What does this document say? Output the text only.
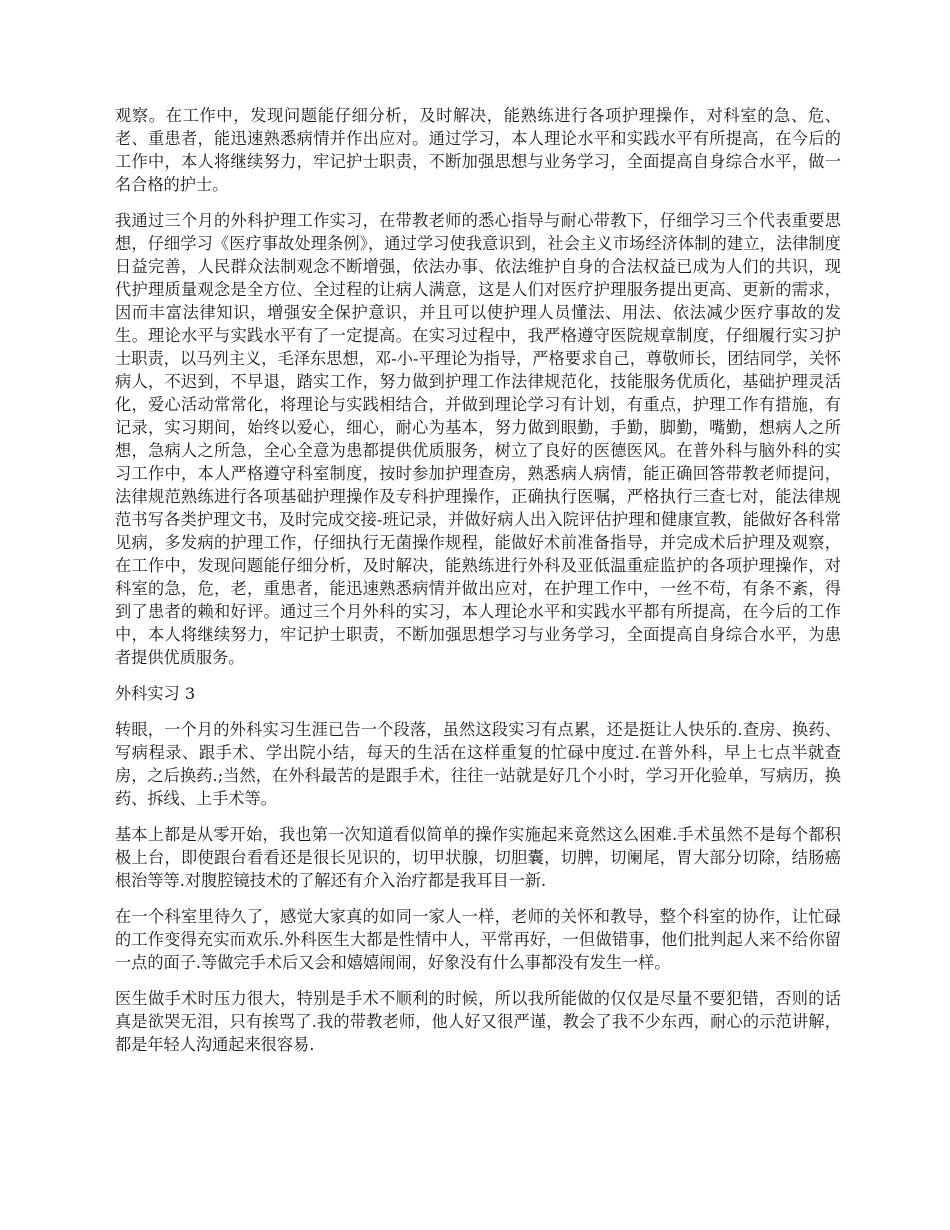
观察。在工作中，发现问题能仔细分析，及时解决，能熟练进行各项护理操作，对科室的急、危、老、重患者，能迅速熟悉病情并作出应对。通过学习，本人理论水平和实践水平有所提高，在今后的工作中，本人将继续努力，牢记护士职责，不断加强思想与业务学习，全面提高自身综合水平，做一名合格的护士。

我通过三个月的外科护理工作实习，在带教老师的悉心指导与耐心带教下，仔细学习三个代表重要思想，仔细学习《医疗事故处理条例》，通过学习使我意识到，社会主义市场经济体制的建立，法律制度日益完善，人民群众法制观念不断增强，依法办事、依法维护自身的合法权益已成为人们的共识，现代护理质量观念是全方位、全过程的让病人满意，这是人们对医疗护理服务提出更高、更新的需求，因而丰富法律知识，增强安全保护意识，并且可以使护理人员懂法、用法、依法减少医疗事故的发生。理论水平与实践水平有了一定提高。在实习过程中，我严格遵守医院规章制度，仔细履行实习护士职责，以马列主义，毛泽东思想，邓-小-平理论为指导，严格要求自己，尊敬师长，团结同学，关怀病人，不迟到，不早退，踏实工作，努力做到护理工作法律规范化，技能服务优质化，基础护理灵活化，爱心活动常常化，将理论与实践相结合，并做到理论学习有计划，有重点，护理工作有措施，有记录，实习期间，始终以爱心，细心，耐心为基本，努力做到眼勤，手勤，脚勤，嘴勤，想病人之所想，急病人之所急，全心全意为患都提供优质服务，树立了良好的医德医风。在普外科与脑外科的实习工作中，本人严格遵守科室制度，按时参加护理查房，熟悉病人病情，能正确回答带教老师提问，法律规范熟练进行各项基础护理操作及专科护理操作，正确执行医嘱，严格执行三查七对，能法律规范书写各类护理文书，及时完成交接-班记录，并做好病人出入院评估护理和健康宣教，能做好各科常见病，多发病的护理工作，仔细执行无菌操作规程，能做好术前准备指导，并完成术后护理及观察，在工作中，发现问题能仔细分析，及时解决，能熟练进行外科及亚低温重症监护的各项护理操作，对科室的急，危，老，重患者，能迅速熟悉病情并做出应对，在护理工作中，一丝不苟，有条不紊，得到了患者的赖和好评。通过三个月外科的实习，本人理论水平和实践水平都有所提高，在今后的工作中，本人将继续努力，牢记护士职责，不断加强思想学习与业务学习，全面提高自身综合水平，为患者提供优质服务。

外科实习 3

转眼，一个月的外科实习生涯已告一个段落，虽然这段实习有点累，还是挺让人快乐的.查房、换药、写病程录、跟手术、学出院小结，每天的生活在这样重复的忙碌中度过.在普外科，早上七点半就查房，之后换药.;当然，在外科最苦的是跟手术，往往一站就是好几个小时，学习开化验单，写病历，换药、拆线、上手术等。

基本上都是从零开始，我也第一次知道看似简单的操作实施起来竟然这么困难.手术虽然不是每个都积极上台，即使跟台看看还是很长见识的，切甲状腺，切胆囊，切脾，切阑尾，胃大部分切除，结肠癌根治等等.对腹腔镜技术的了解还有介入治疗都是我耳目一新.

在一个科室里待久了，感觉大家真的如同一家人一样，老师的关怀和教导，整个科室的协作，让忙碌的工作变得充实而欢乐.外科医生大都是性情中人，平常再好，一但做错事，他们批判起人来不给你留一点的面子.等做完手术后又会和嬉嬉闹闹，好象没有什么事都没有发生一样。

医生做手术时压力很大，特别是手术不顺利的时候，所以我所能做的仅仅是尽量不要犯错，否则的话真是欲哭无泪，只有挨骂了.我的带教老师，他人好又很严谨，教会了我不少东西，耐心的示范讲解，都是年轻人沟通起来很容易.
